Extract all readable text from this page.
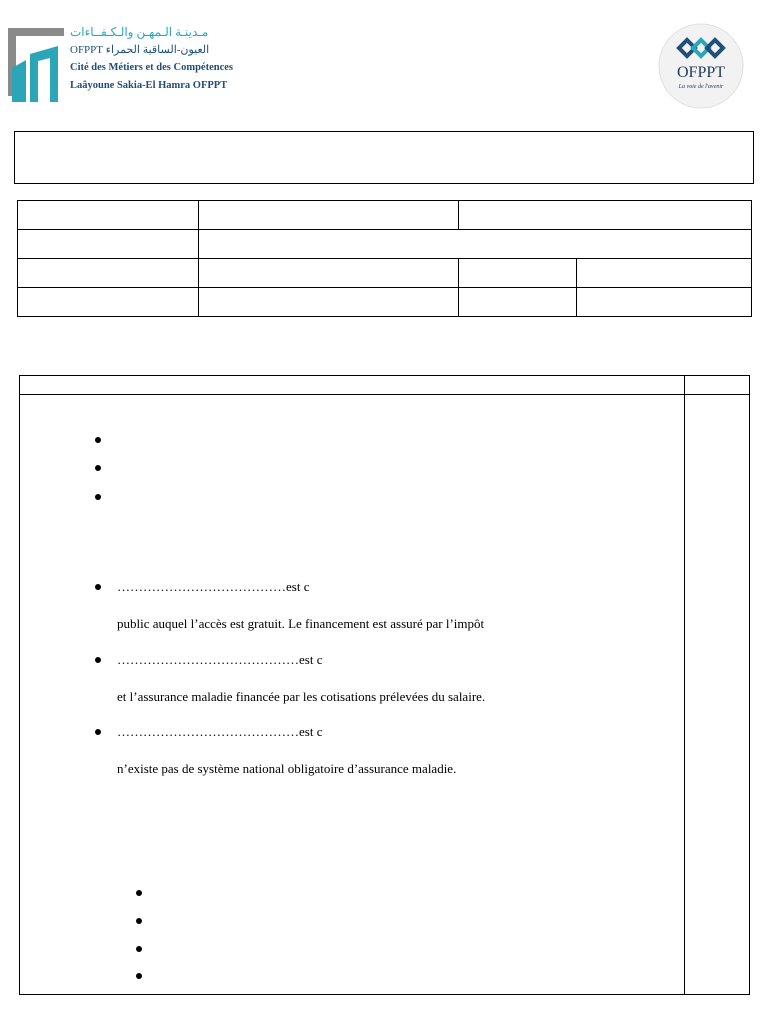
مـدينـة الـمهـن والـكـفــاءات
العيون-الساقية الحمراء OFPPT
Cité des Métiers et des Compétences
Laâyoune Sakia-El Hamra OFPPT
OFPPT
La voie de l'avenir

…………………………………est c
public auquel l’accès est gratuit. Le financement est assuré par l’impôt
……………………………………est c
et l’assurance maladie financée par les cotisations prélevées du salaire.
……………………………………est c
n’existe pas de système national obligatoire d’assurance maladie.
